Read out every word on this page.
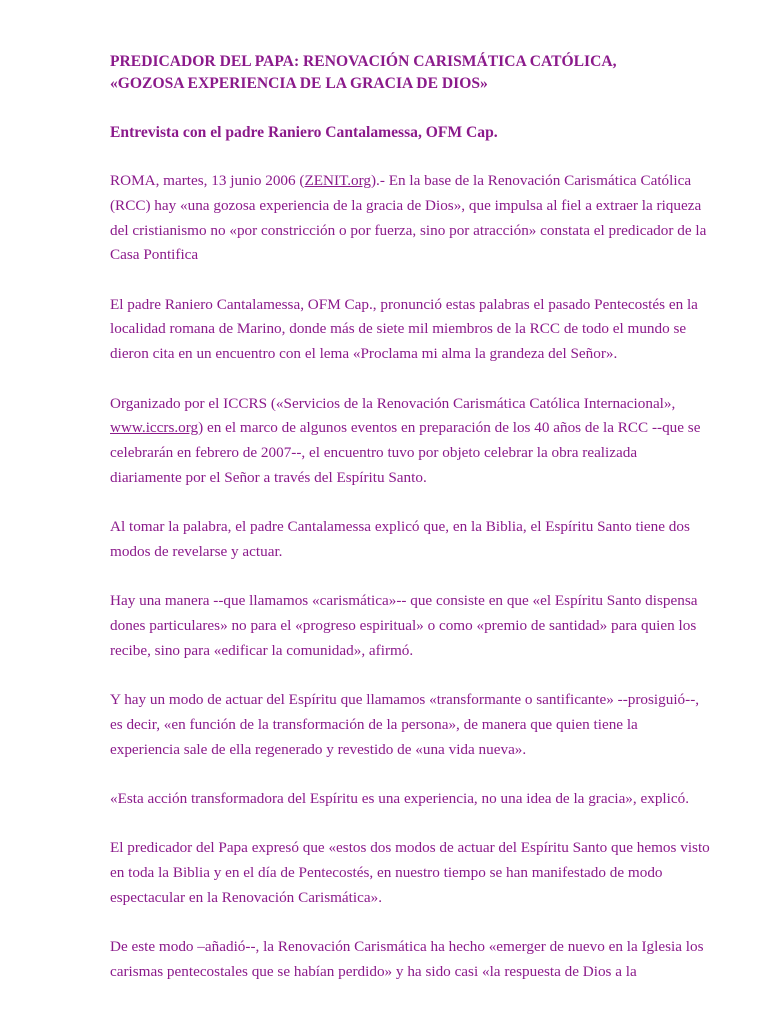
PREDICADOR DEL PAPA: RENOVACIÓN CARISMÁTICA CATÓLICA,
«GOZOSA EXPERIENCIA DE LA GRACIA DE DIOS»

Entrevista con el padre Raniero Cantalamessa, OFM Cap.

ROMA, martes, 13 junio 2006 (ZENIT.org).- En la base de la Renovación Carismática Católica (RCC) hay «una gozosa experiencia de la gracia de Dios», que impulsa al fiel a extraer la riqueza del cristianismo no «por constricción o por fuerza, sino por atracción» constata el predicador de la Casa Pontifica

El padre Raniero Cantalamessa, OFM Cap., pronunció estas palabras el pasado Pentecostés en la localidad romana de Marino, donde más de siete mil miembros de la RCC de todo el mundo se dieron cita en un encuentro con el lema «Proclama mi alma la grandeza del Señor».

Organizado por el ICCRS («Servicios de la Renovación Carismática Católica Internacional», www.iccrs.org) en el marco de algunos eventos en preparación de los 40 años de la RCC --que se celebrarán en febrero de 2007--, el encuentro tuvo por objeto celebrar la obra realizada diariamente por el Señor a través del Espíritu Santo.

Al tomar la palabra, el padre Cantalamessa explicó que, en la Biblia, el Espíritu Santo tiene dos modos de revelarse y actuar.

Hay una manera --que llamamos «carismática»-- que consiste en que «el Espíritu Santo dispensa dones particulares» no para el «progreso espiritual» o como «premio de santidad» para quien los recibe, sino para «edificar la comunidad», afirmó.

Y hay un modo de actuar del Espíritu que llamamos «transformante o santificante» --prosiguió--, es decir, «en función de la transformación de la persona», de manera que quien tiene la experiencia sale de ella regenerado y revestido de «una vida nueva».

«Esta acción transformadora del Espíritu es una experiencia, no una idea de la gracia», explicó.

El predicador del Papa expresó que «estos dos modos de actuar del Espíritu Santo que hemos visto en toda la Biblia y en el día de Pentecostés, en nuestro tiempo se han manifestado de modo espectacular en la Renovación Carismática».

De este modo –añadió--, la Renovación Carismática ha hecho «emerger de nuevo en la Iglesia los carismas pentecostales que se habían perdido» y ha sido casi «la respuesta de Dios a la
